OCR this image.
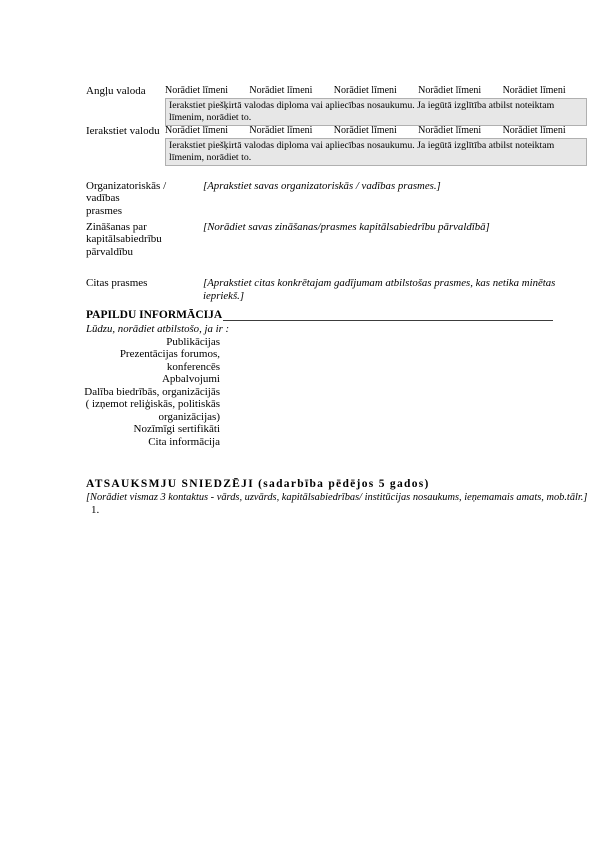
Angļu valoda Norādiet līmeni	Norādiet līmeni	Norādiet līmeni	Norādiet līmeni	Norādiet līmeni
Ierakstiet piešķirtā valodas diploma vai apliecības nosaukumu. Ja iegūtā izglītība atbilst noteiktam līmenim, norādiet to.
Ierakstiet valodu Norādiet līmeni	Norādiet līmeni	Norādiet līmeni	Norādiet līmeni	Norādiet līmeni
Ierakstiet piešķirtā valodas diploma vai apliecības nosaukumu. Ja iegūtā izglītība atbilst noteiktam līmenim, norādiet to.
Organizatoriskās / vadības
prasmes
[Aprakstiet savas organizatoriskās / vadības prasmes.]
Zināšanas par
kapitālsabiedrību
pārvaldību
[Norādiet savas zināšanas/prasmes kapitālsabiedrību pārvaldībā]
Citas prasmes	[Aprakstiet citas konkrētajam gadījumam atbilstošas prasmes, kas netika minētas iepriekš.]
PAPILDU INFORMĀCIJA
Lūdzu, norādiet atbilstošo, ja ir :
Publikācijas
Prezentācijas forumos,
konferencēs
Apbalvojumi
Dalība biedrībās, organizācijās
( izņemot reliģiskās, politiskās
organizācijas)
Nozīmīgi sertifikāti
Cita informācija
ATSAUKSMJU SNIEDZĒJI (sadarbība pēdējos 5 gados)
[Norādiet vismaz 3 kontaktus - vārds, uzvārds, kapitālsabiedrības/ institūcijas nosaukums, ieņemamais amats, mob.tālr.]
1.
